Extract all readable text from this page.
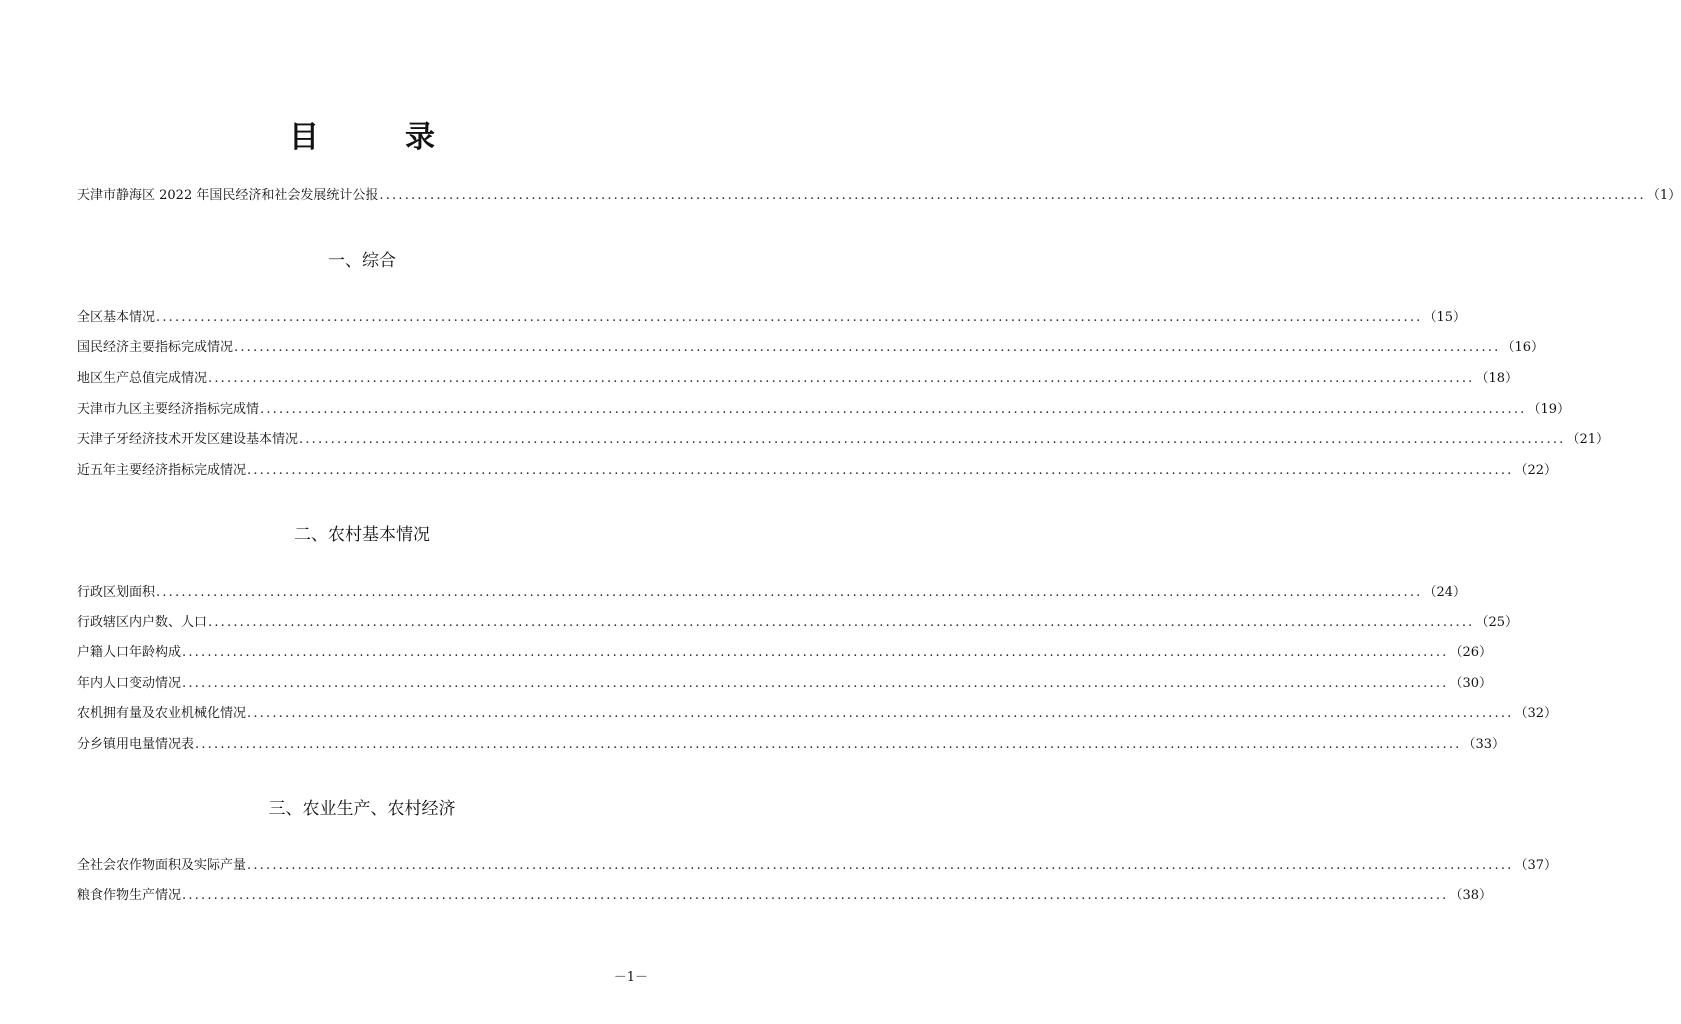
目　录
天津市静海区 2022 年国民经济和社会发展统计公报 ........................................................................................................................................................................................................ （1）
一、综合
全区基本情况 ........................................................................................................................................................................................................ （15）
国民经济主要指标完成情况 ........................................................................................................................................................................................................ （16）
地区生产总值完成情况 ........................................................................................................................................................................................................ （18）
天津市九区主要经济指标完成情 ........................................................................................................................................................................................................ （19）
天津子牙经济技术开发区建设基本情况 ........................................................................................................................................................................................................ （21）
近五年主要经济指标完成情况 ........................................................................................................................................................................................................ （22）
二、农村基本情况
行政区划面积 ........................................................................................................................................................................................................ （24）
行政辖区内户数、人口 ........................................................................................................................................................................................................ （25）
户籍人口年龄构成 ........................................................................................................................................................................................................ （26）
年内人口变动情况 ........................................................................................................................................................................................................ （30）
农机拥有量及农业机械化情况 ........................................................................................................................................................................................................ （32）
分乡镇用电量情况表 ........................................................................................................................................................................................................ （33）
三、农业生产、农村经济
全社会农作物面积及实际产量 ........................................................................................................................................................................................................ （37）
粮食作物生产情况 ........................................................................................................................................................................................................ （38）
－1－
